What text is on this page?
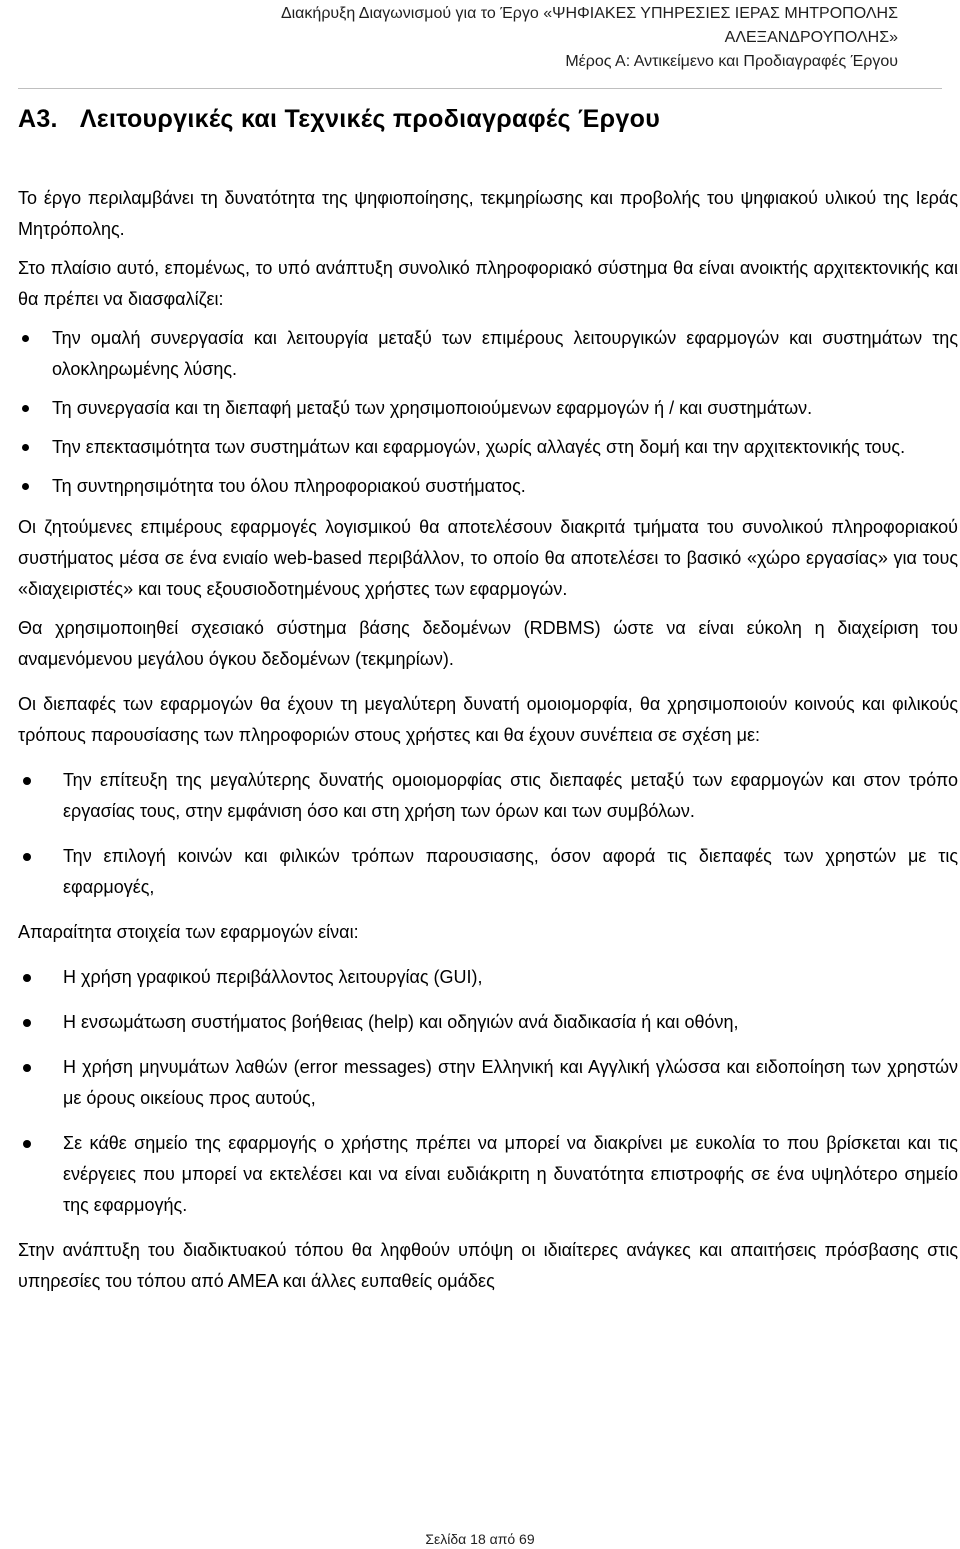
Διακήρυξη Διαγωνισμού για το Έργο «ΨΗΦΙΑΚΕΣ ΥΠΗΡΕΣΙΕΣ ΙΕΡΑΣ ΜΗΤΡΟΠΟΛΗΣ
ΑΛΕΞΑΝΔΡΟΥΠΟΛΗΣ»
Μέρος Α: Αντικείμενο και Προδιαγραφές Έργου
Α3. Λειτουργικές και Τεχνικές προδιαγραφές Έργου

Το έργο περιλαμβάνει τη δυνατότητα της ψηφιοποίησης, τεκμηρίωσης και προβολής του ψηφιακού υλικού της Ιεράς Μητρόπολης.

Στο πλαίσιο αυτό, επομένως, το υπό ανάπτυξη συνολικό πληροφοριακό σύστημα θα είναι ανοικτής αρχιτεκτονικής και θα πρέπει να διασφαλίζει:

Την ομαλή συνεργασία και λειτουργία μεταξύ των επιμέρους λειτουργικών εφαρμογών και συστημάτων της ολοκληρωμένης λύσης.
Τη συνεργασία και τη διεπαφή μεταξύ των χρησιμοποιούμενων εφαρμογών ή / και συστημάτων.
Την επεκτασιμότητα των συστημάτων και εφαρμογών, χωρίς αλλαγές στη δομή και την αρχιτεκτονικής τους.
Τη συντηρησιμότητα του όλου πληροφοριακού συστήματος.

Οι ζητούμενες επιμέρους εφαρμογές λογισμικού θα αποτελέσουν διακριτά τμήματα του συνολικού πληροφοριακού συστήματος μέσα σε ένα ενιαίο web-based περιβάλλον, το οποίο θα αποτελέσει το βασικό «χώρο εργασίας» για τους «διαχειριστές» και τους εξουσιοδοτημένους χρήστες των εφαρμογών.

Θα χρησιμοποιηθεί σχεσιακό σύστημα βάσης δεδομένων (RDBMS) ώστε να είναι εύκολη η διαχείριση του αναμενόμενου μεγάλου όγκου δεδομένων (τεκμηρίων).

Οι διεπαφές των εφαρμογών θα έχουν τη μεγαλύτερη δυνατή ομοιομορφία, θα χρησιμοποιούν κοινούς και φιλικούς τρόπους παρουσίασης των πληροφοριών στους χρήστες και θα έχουν συνέπεια σε σχέση με:

Την επίτευξη της μεγαλύτερης δυνατής ομοιομορφίας στις διεπαφές μεταξύ των εφαρμογών και στον τρόπο εργασίας τους, στην εμφάνιση όσο και στη χρήση των όρων και των συμβόλων.
Την επιλογή κοινών και φιλικών τρόπων παρουσιασης, όσον αφορά τις διεπαφές των χρηστών με τις εφαρμογές,

Απαραίτητα στοιχεία των εφαρμογών είναι:

Η χρήση γραφικού περιβάλλοντος λειτουργίας (GUI),
Η ενσωμάτωση συστήματος βοήθειας (help) και οδηγιών ανά διαδικασία ή και οθόνη,
Η χρήση μηνυμάτων λαθών (error messages) στην Ελληνική και Αγγλική γλώσσα και ειδοποίηση των χρηστών με όρους οικείους προς αυτούς,
Σε κάθε σημείο της εφαρμογής ο χρήστης πρέπει να μπορεί να διακρίνει με ευκολία το που βρίσκεται και τις ενέργειες που μπορεί να εκτελέσει και να είναι ευδιάκριτη η δυνατότητα επιστροφής σε ένα υψηλότερο σημείο της εφαρμογής.

Στην ανάπτυξη του διαδικτυακού τόπου θα ληφθούν υπόψη οι ιδιαίτερες ανάγκες και απαιτήσεις πρόσβασης στις υπηρεσίες του τόπου από ΑΜΕΑ και άλλες ευπαθείς ομάδες

Σελίδα 18 από 69
